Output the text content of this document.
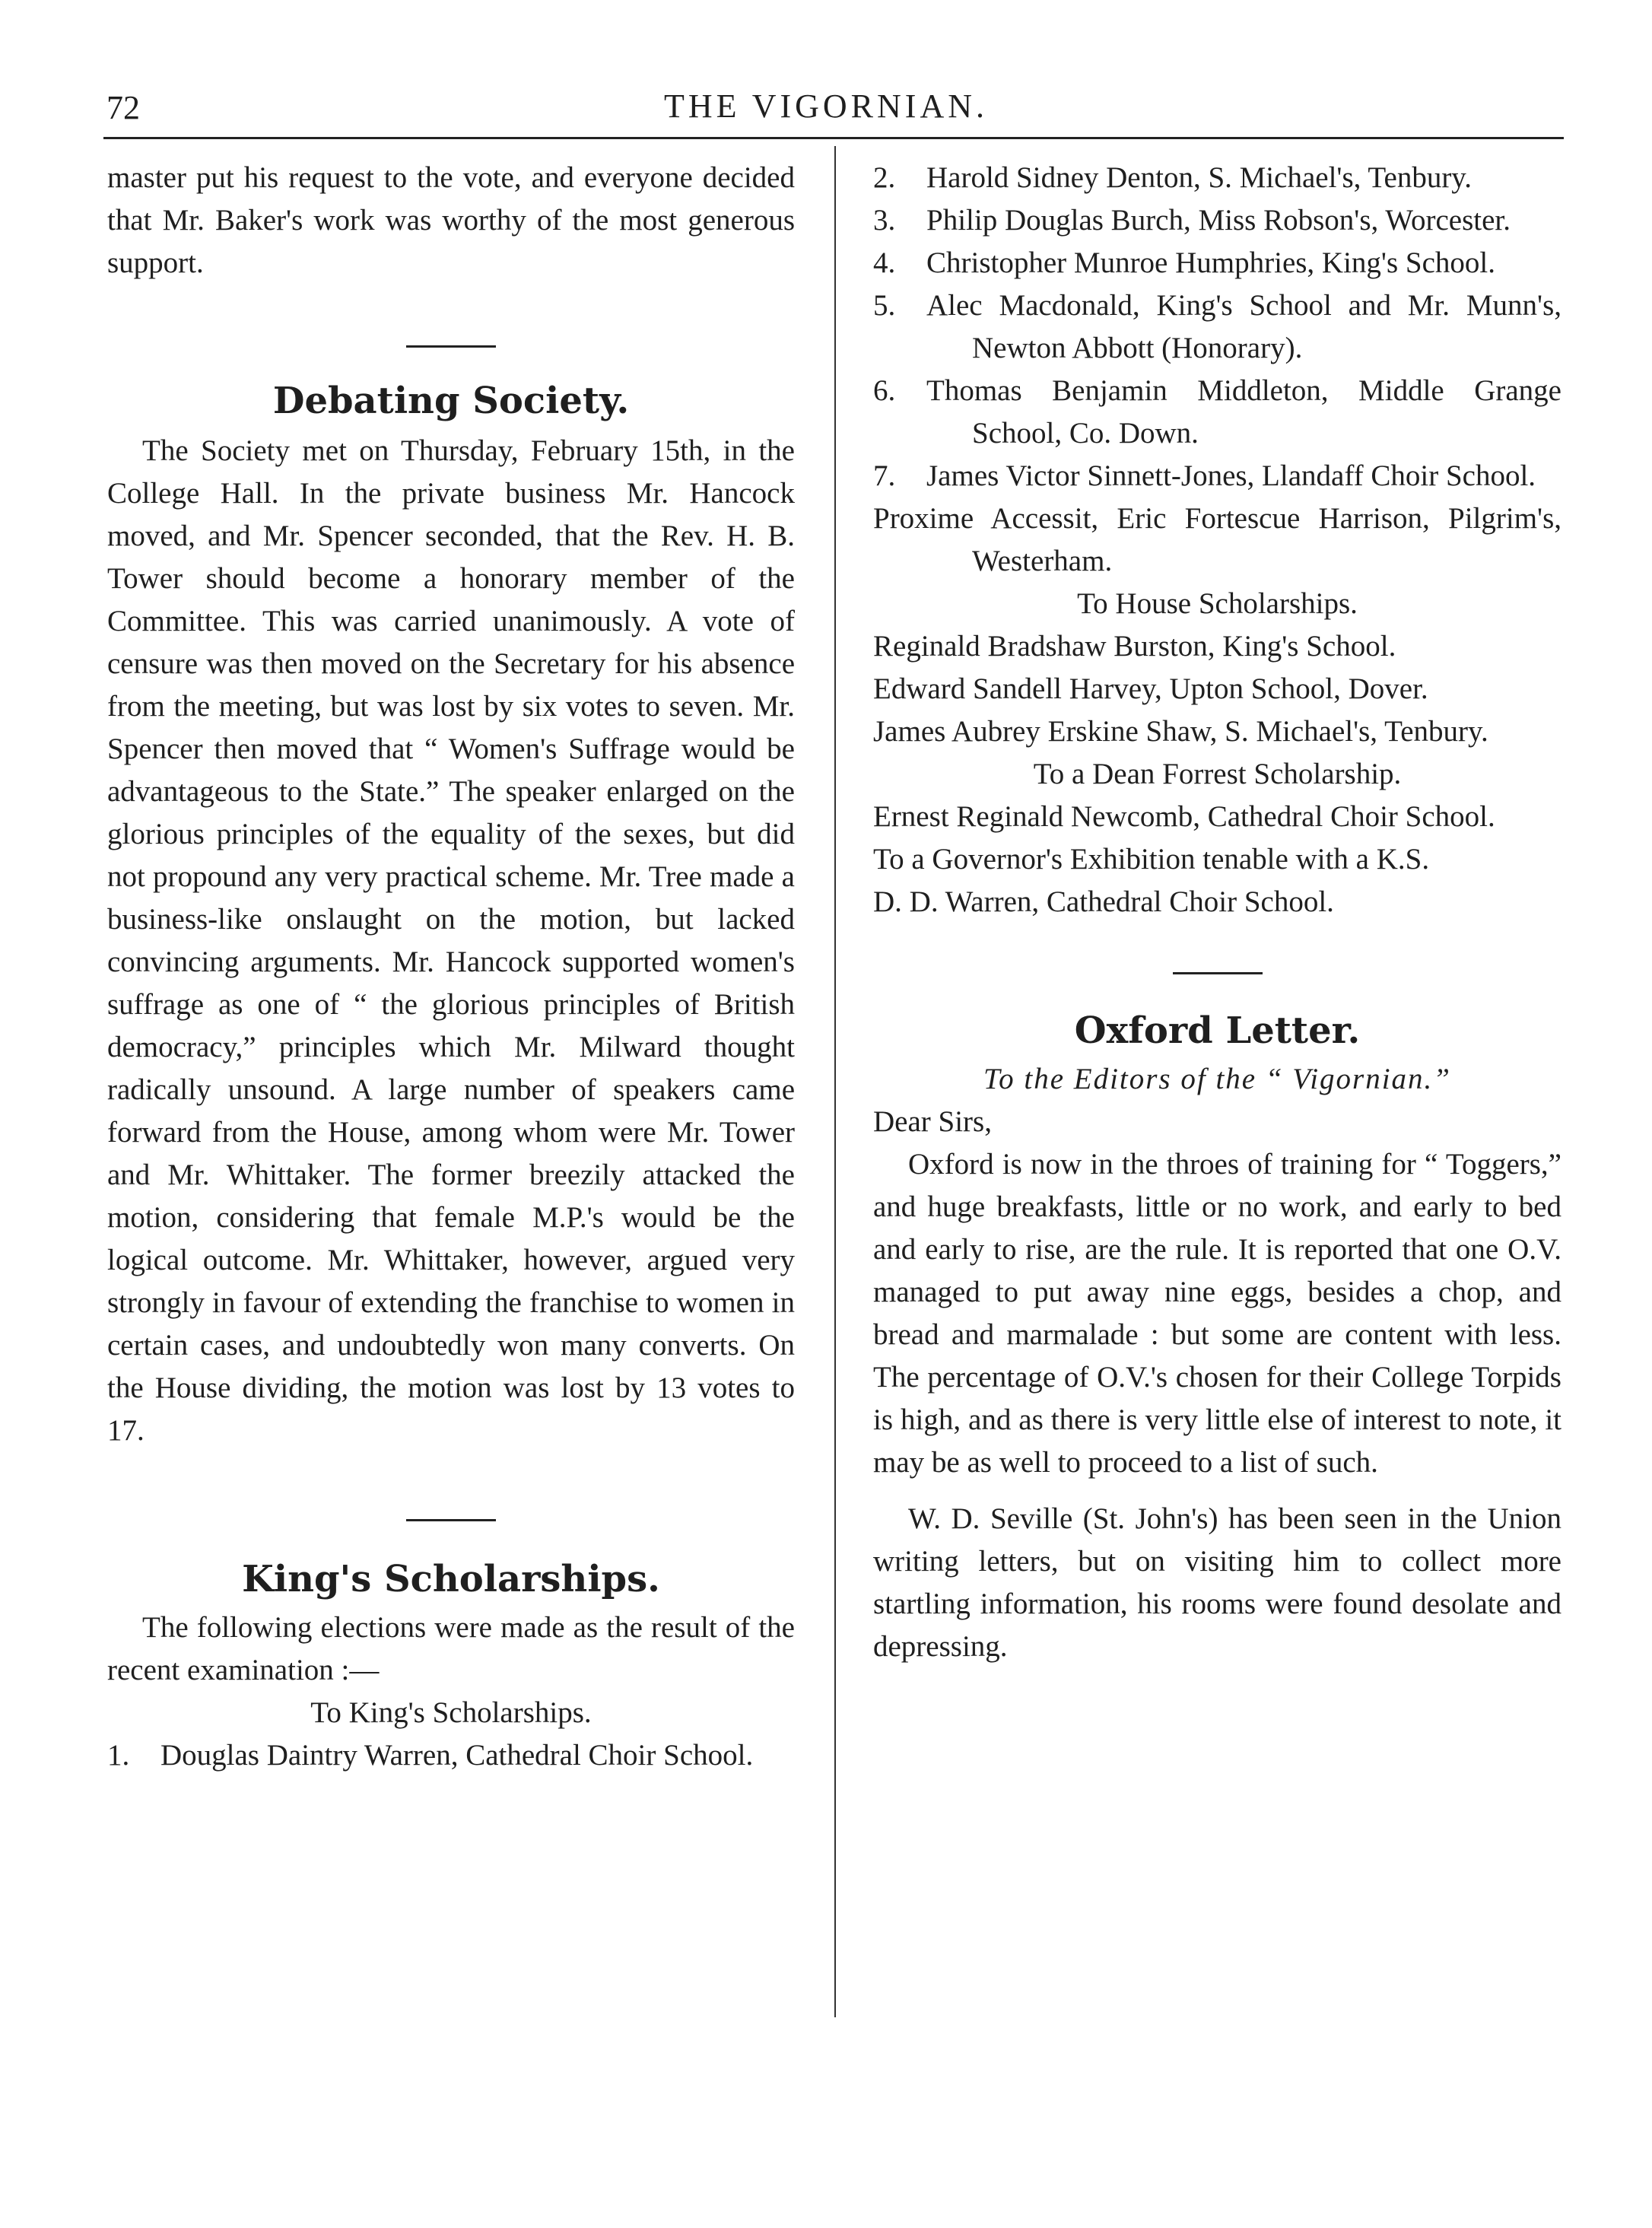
72	THE VIGORNIAN.

master put his request to the vote, and everyone decided that Mr. Baker's work was worthy of the most generous support.

Debating Society.

The Society met on Thursday, February 15th, in the College Hall. In the private business Mr. Hancock moved, and Mr. Spencer seconded, that the Rev. H. B. Tower should become a honorary member of the Committee. This was carried unanimously. A vote of censure was then moved on the Secretary for his absence from the meeting, but was lost by six votes to seven. Mr. Spencer then moved that “ Women's Suffrage would be advantageous to the State.” The speaker enlarged on the glorious principles of the equality of the sexes, but did not propound any very practical scheme. Mr. Tree made a business-like onslaught on the motion, but lacked convincing arguments. Mr. Hancock supported women's suffrage as one of “ the glorious principles of British democracy,” principles which Mr. Milward thought radically unsound. A large number of speakers came forward from the House, among whom were Mr. Tower and Mr. Whittaker. The former breezily attacked the motion, considering that female M.P.'s would be the logical outcome. Mr. Whittaker, however, argued very strongly in favour of extending the franchise to women in certain cases, and undoubtedly won many converts. On the House dividing, the motion was lost by 13 votes to 17.

King's Scholarships.

The following elections were made as the result of the recent examination :—

To King's Scholarships.

1. Douglas Daintry Warren, Cathedral Choir School.

2. Harold Sidney Denton, S. Michael's, Tenbury.

3. Philip Douglas Burch, Miss Robson's, Worcester.

4. Christopher Munroe Humphries, King's School.

5. Alec Macdonald, King's School and Mr. Munn's, Newton Abbott (Honorary).

6. Thomas Benjamin Middleton, Middle Grange School, Co. Down.

7. James Victor Sinnett-Jones, Llandaff Choir School.

Proxime Accessit, Eric Fortescue Harrison, Pilgrim's, Westerham.

To House Scholarships.

Reginald Bradshaw Burston, King's School.

Edward Sandell Harvey, Upton School, Dover.

James Aubrey Erskine Shaw, S. Michael's, Tenbury.

To a Dean Forrest Scholarship.

Ernest Reginald Newcomb, Cathedral Choir School.

To a Governor's Exhibition tenable with a K.S.

D. D. Warren, Cathedral Choir School.

Oxford Letter.

To the Editors of the “ Vigornian.”

Dear Sirs,

Oxford is now in the throes of training for “ Toggers,” and huge breakfasts, little or no work, and early to bed and early to rise, are the rule. It is reported that one O.V. managed to put away nine eggs, besides a chop, and bread and marmalade : but some are content with less. The percentage of O.V.'s chosen for their College Torpids is high, and as there is very little else of interest to note, it may be as well to proceed to a list of such.

W. D. Seville (St. John's) has been seen in the Union writing letters, but on visiting him to collect more startling information, his rooms were found desolate and depressing.
